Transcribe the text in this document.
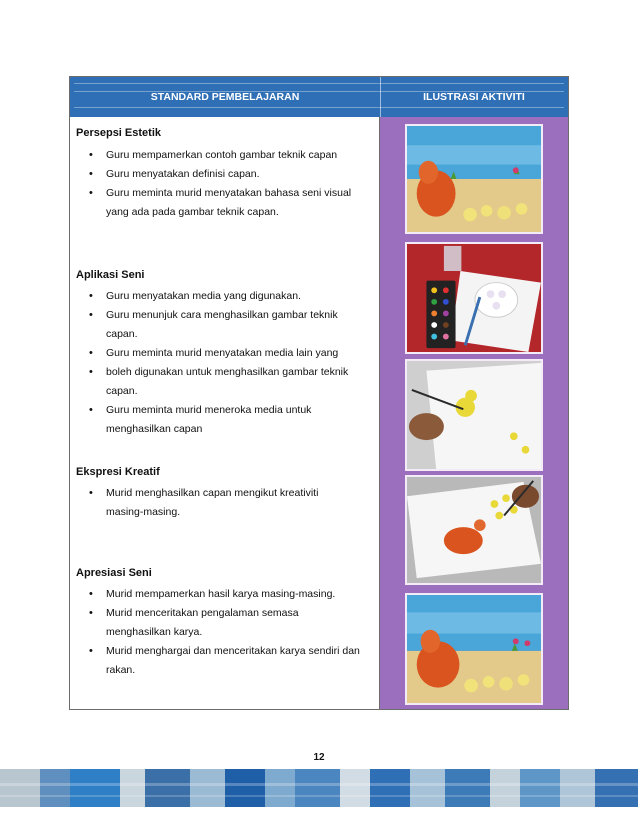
STANDARD PEMBELAJARAN	ILUSTRASI AKTIVITI
Persepsi Estetik
• Guru mempamerkan contoh gambar teknik capan
• Guru menyatakan definisi capan.
• Guru meminta murid menyatakan bahasa seni visual yang ada pada gambar teknik capan.
Aplikasi Seni
• Guru menyatakan media yang digunakan.
• Guru menunjuk cara menghasilkan gambar teknik capan.
• Guru meminta murid menyatakan media lain yang
• boleh digunakan untuk menghasilkan gambar teknik capan.
• Guru meminta murid meneroka media untuk menghasilkan capan
Ekspresi Kreatif
• Murid menghasilkan capan mengikut kreativiti masing-masing.
Apresiasi Seni
• Murid mempamerkan hasil karya masing-masing.
• Murid menceritakan pengalaman semasa menghasilkan karya.
• Murid menghargai dan menceritakan karya sendiri dan rakan.
12
